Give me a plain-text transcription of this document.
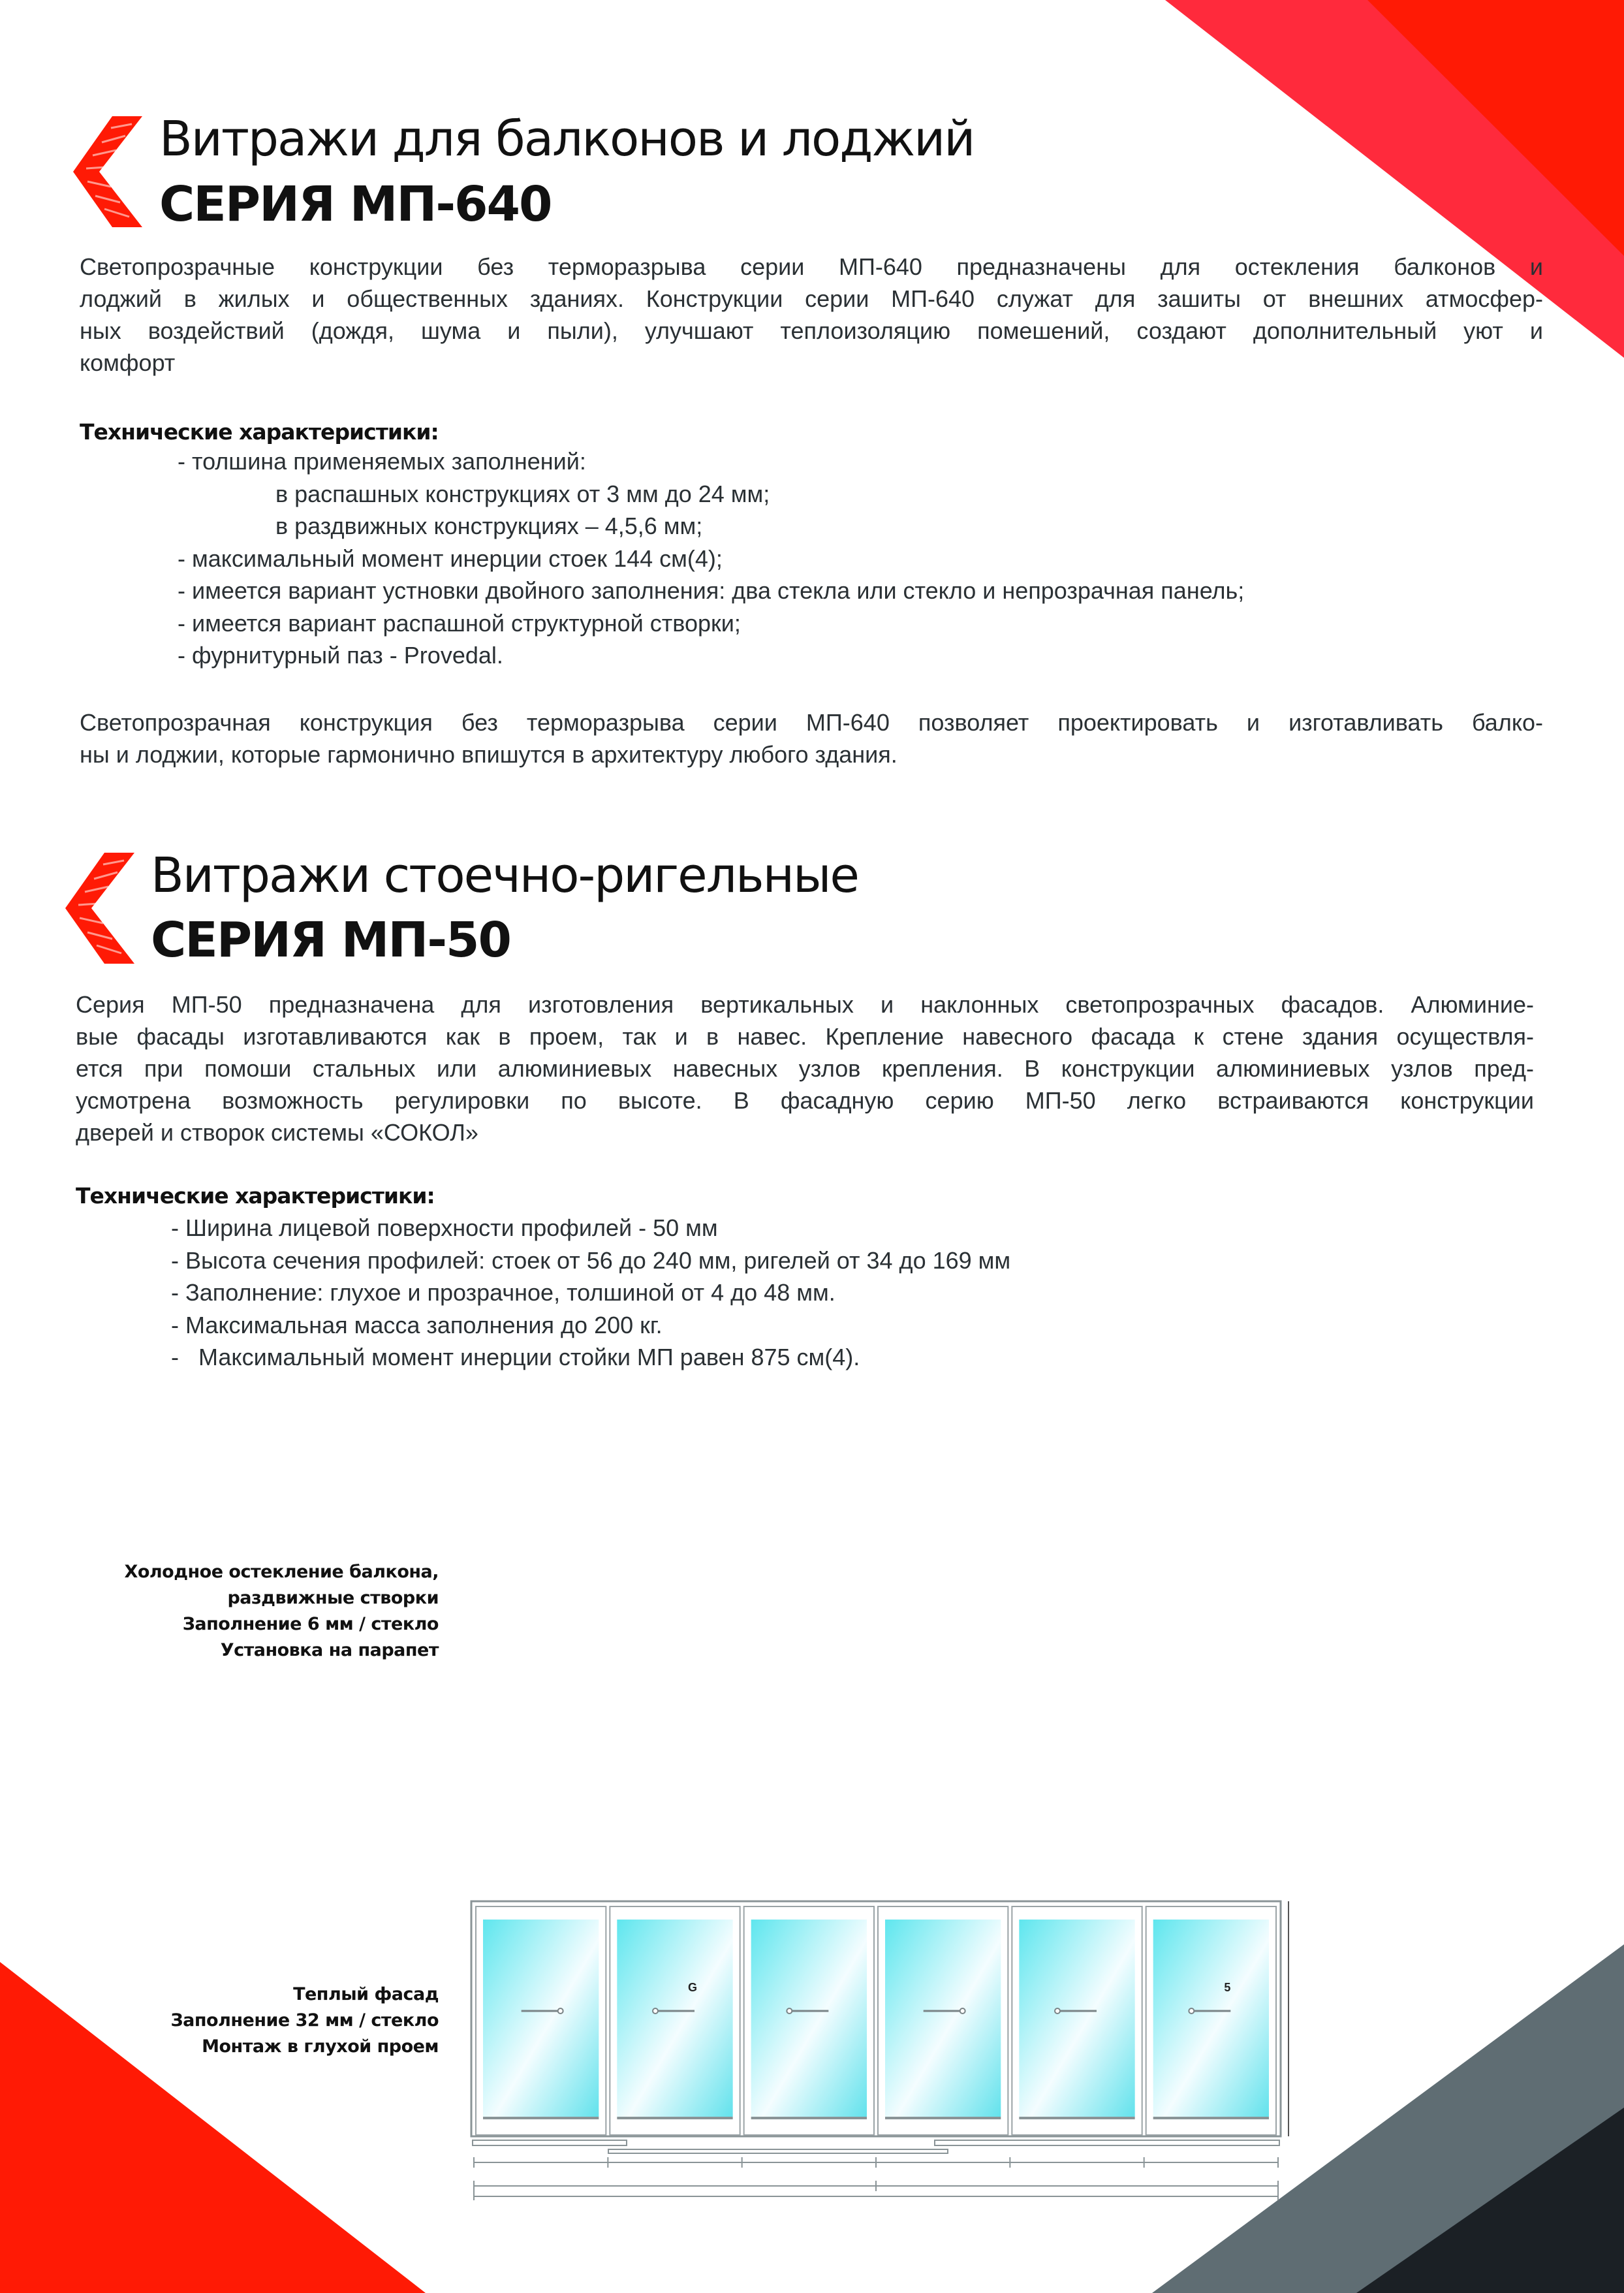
Витражи для балконов и лоджий
СЕРИЯ МП-640
Светопрозрачные конструкции без терморазрыва серии МП-640 предназначены для остекления балконов и
лоджий в жилых и общественных зданиях. Конструкции серии МП-640 служат для зашиты от внешних атмосфер-
ных воздействий (дождя, шума и пыли), улучшают теплоизоляцию помешений, создают дополнительный уют и
комфорт
Технические характеристики:
- толшина применяемых заполнений:
в распашных конструкциях от 3 мм до 24 мм;
в раздвижных конструкциях – 4,5,6 мм;
- максимальный момент инерции стоек 144 см(4);
- имеется вариант устновки двойного заполнения: два стекла или стекло и непрозрачная панель;
- имеется вариант распашной структурной створки;
- фурнитурный паз - Provedal.
Светопрозрачная конструкция без терморазрыва серии МП-640 позволяет проектировать и изготавливать балко-
ны и лоджии, которые гармонично впишутся в архитектуру любого здания.
Витражи стоечно-ригельные
СЕРИЯ МП-50
Серия МП-50 предназначена для изготовления вертикальных и наклонных светопрозрачных фасадов. Алюминие-
вые фасады изготавливаются как в проем, так и в навес. Крепление навесного фасада к стене здания осуществля-
ется при помоши стальных или алюминиевых навесных узлов крепления. В конструкции алюминиевых узлов пред-
усмотрена возможность регулировки по высоте. В фасадную серию МП-50 легко встраиваются конструкции
дверей и створок системы «СОКОЛ»
Технические характеристики:
- Ширина лицевой поверхности профилей - 50 мм
- Высота сечения профилей: стоек от 56 до 240 мм, ригелей от 34 до 169 мм
- Заполнение: глухое и прозрачное, толшиной от 4 до 48 мм.
- Максимальная масса заполнения до 200 кг.
-   Максимальный момент инерции стойки МП равен 875 см(4).
Холодное остекление балкона,
раздвижные створки
Заполнение 6 мм / стекло
Установка на парапет
Теплый фасад
Заполнение 32 мм / стекло
Монтаж в глухой проем
G	5
